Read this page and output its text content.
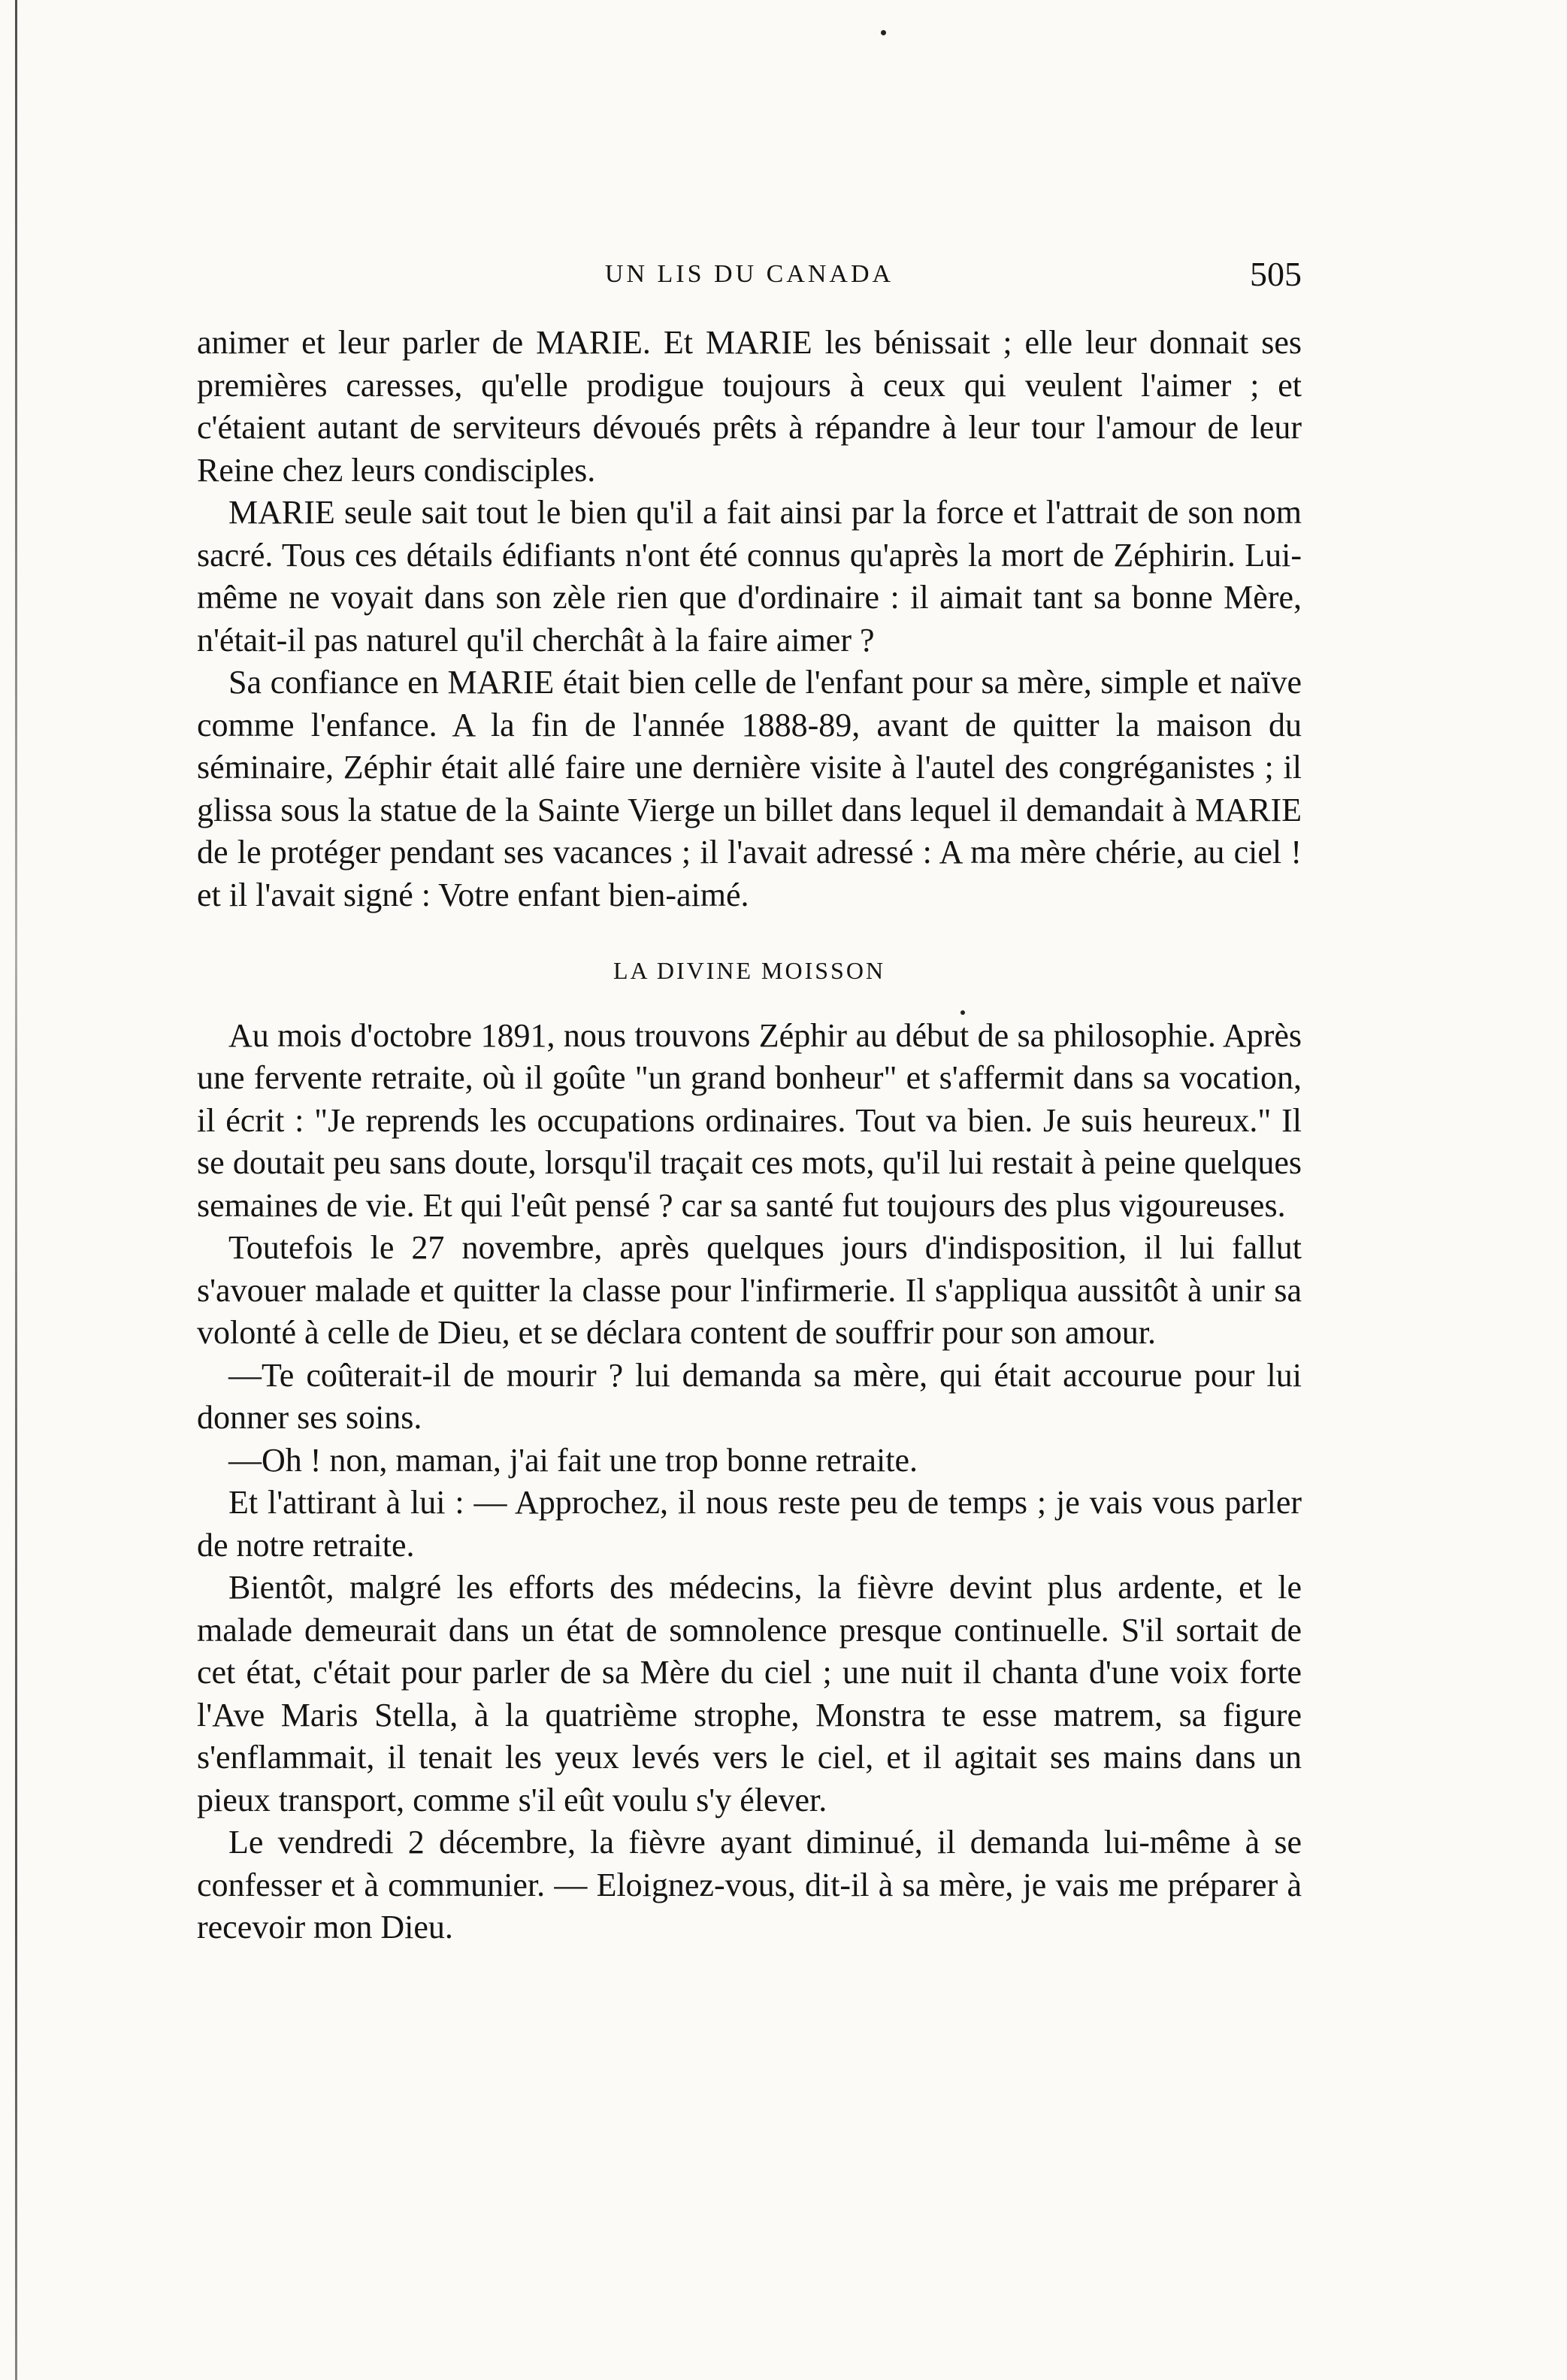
UN LIS DU CANADA	505

animer et leur parler de MARIE. Et MARIE les bénissait ; elle leur donnait ses premières caresses, qu'elle prodigue toujours à ceux qui veulent l'aimer ; et c'étaient autant de serviteurs dévoués prêts à répandre à leur tour l'amour de leur Reine chez leurs condisciples.

MARIE seule sait tout le bien qu'il a fait ainsi par la force et l'attrait de son nom sacré. Tous ces détails édifiants n'ont été connus qu'après la mort de Zéphirin. Lui-même ne voyait dans son zèle rien que d'ordinaire : il aimait tant sa bonne Mère, n'était-il pas naturel qu'il cherchât à la faire aimer ?

Sa confiance en MARIE était bien celle de l'enfant pour sa mère, simple et naïve comme l'enfance. A la fin de l'année 1888-89, avant de quitter la maison du séminaire, Zéphir était allé faire une dernière visite à l'autel des congréganistes ; il glissa sous la statue de la Sainte Vierge un billet dans lequel il demandait à MARIE de le protéger pendant ses vacances ; il l'avait adressé : A ma mère chérie, au ciel ! et il l'avait signé : Votre enfant bien-aimé.

LA DIVINE MOISSON

Au mois d'octobre 1891, nous trouvons Zéphir au début de sa philosophie. Après une fervente retraite, où il goûte "un grand bonheur" et s'affermit dans sa vocation, il écrit : "Je reprends les occupations ordinaires. Tout va bien. Je suis heureux." Il se doutait peu sans doute, lorsqu'il traçait ces mots, qu'il lui restait à peine quelques semaines de vie. Et qui l'eût pensé ? car sa santé fut toujours des plus vigoureuses.

Toutefois le 27 novembre, après quelques jours d'indisposition, il lui fallut s'avouer malade et quitter la classe pour l'infirmerie. Il s'appliqua aussitôt à unir sa volonté à celle de Dieu, et se déclara content de souffrir pour son amour.

—Te coûterait-il de mourir ? lui demanda sa mère, qui était accourue pour lui donner ses soins.

—Oh ! non, maman, j'ai fait une trop bonne retraite.

Et l'attirant à lui : — Approchez, il nous reste peu de temps ; je vais vous parler de notre retraite.

Bientôt, malgré les efforts des médecins, la fièvre devint plus ardente, et le malade demeurait dans un état de somnolence presque continuelle. S'il sortait de cet état, c'était pour parler de sa Mère du ciel ; une nuit il chanta d'une voix forte l'Ave Maris Stella, à la quatrième strophe, Monstra te esse matrem, sa figure s'enflammait, il tenait les yeux levés vers le ciel, et il agitait ses mains dans un pieux transport, comme s'il eût voulu s'y élever.

Le vendredi 2 décembre, la fièvre ayant diminué, il demanda lui-même à se confesser et à communier. — Eloignez-vous, dit-il à sa mère, je vais me préparer à recevoir mon Dieu.
